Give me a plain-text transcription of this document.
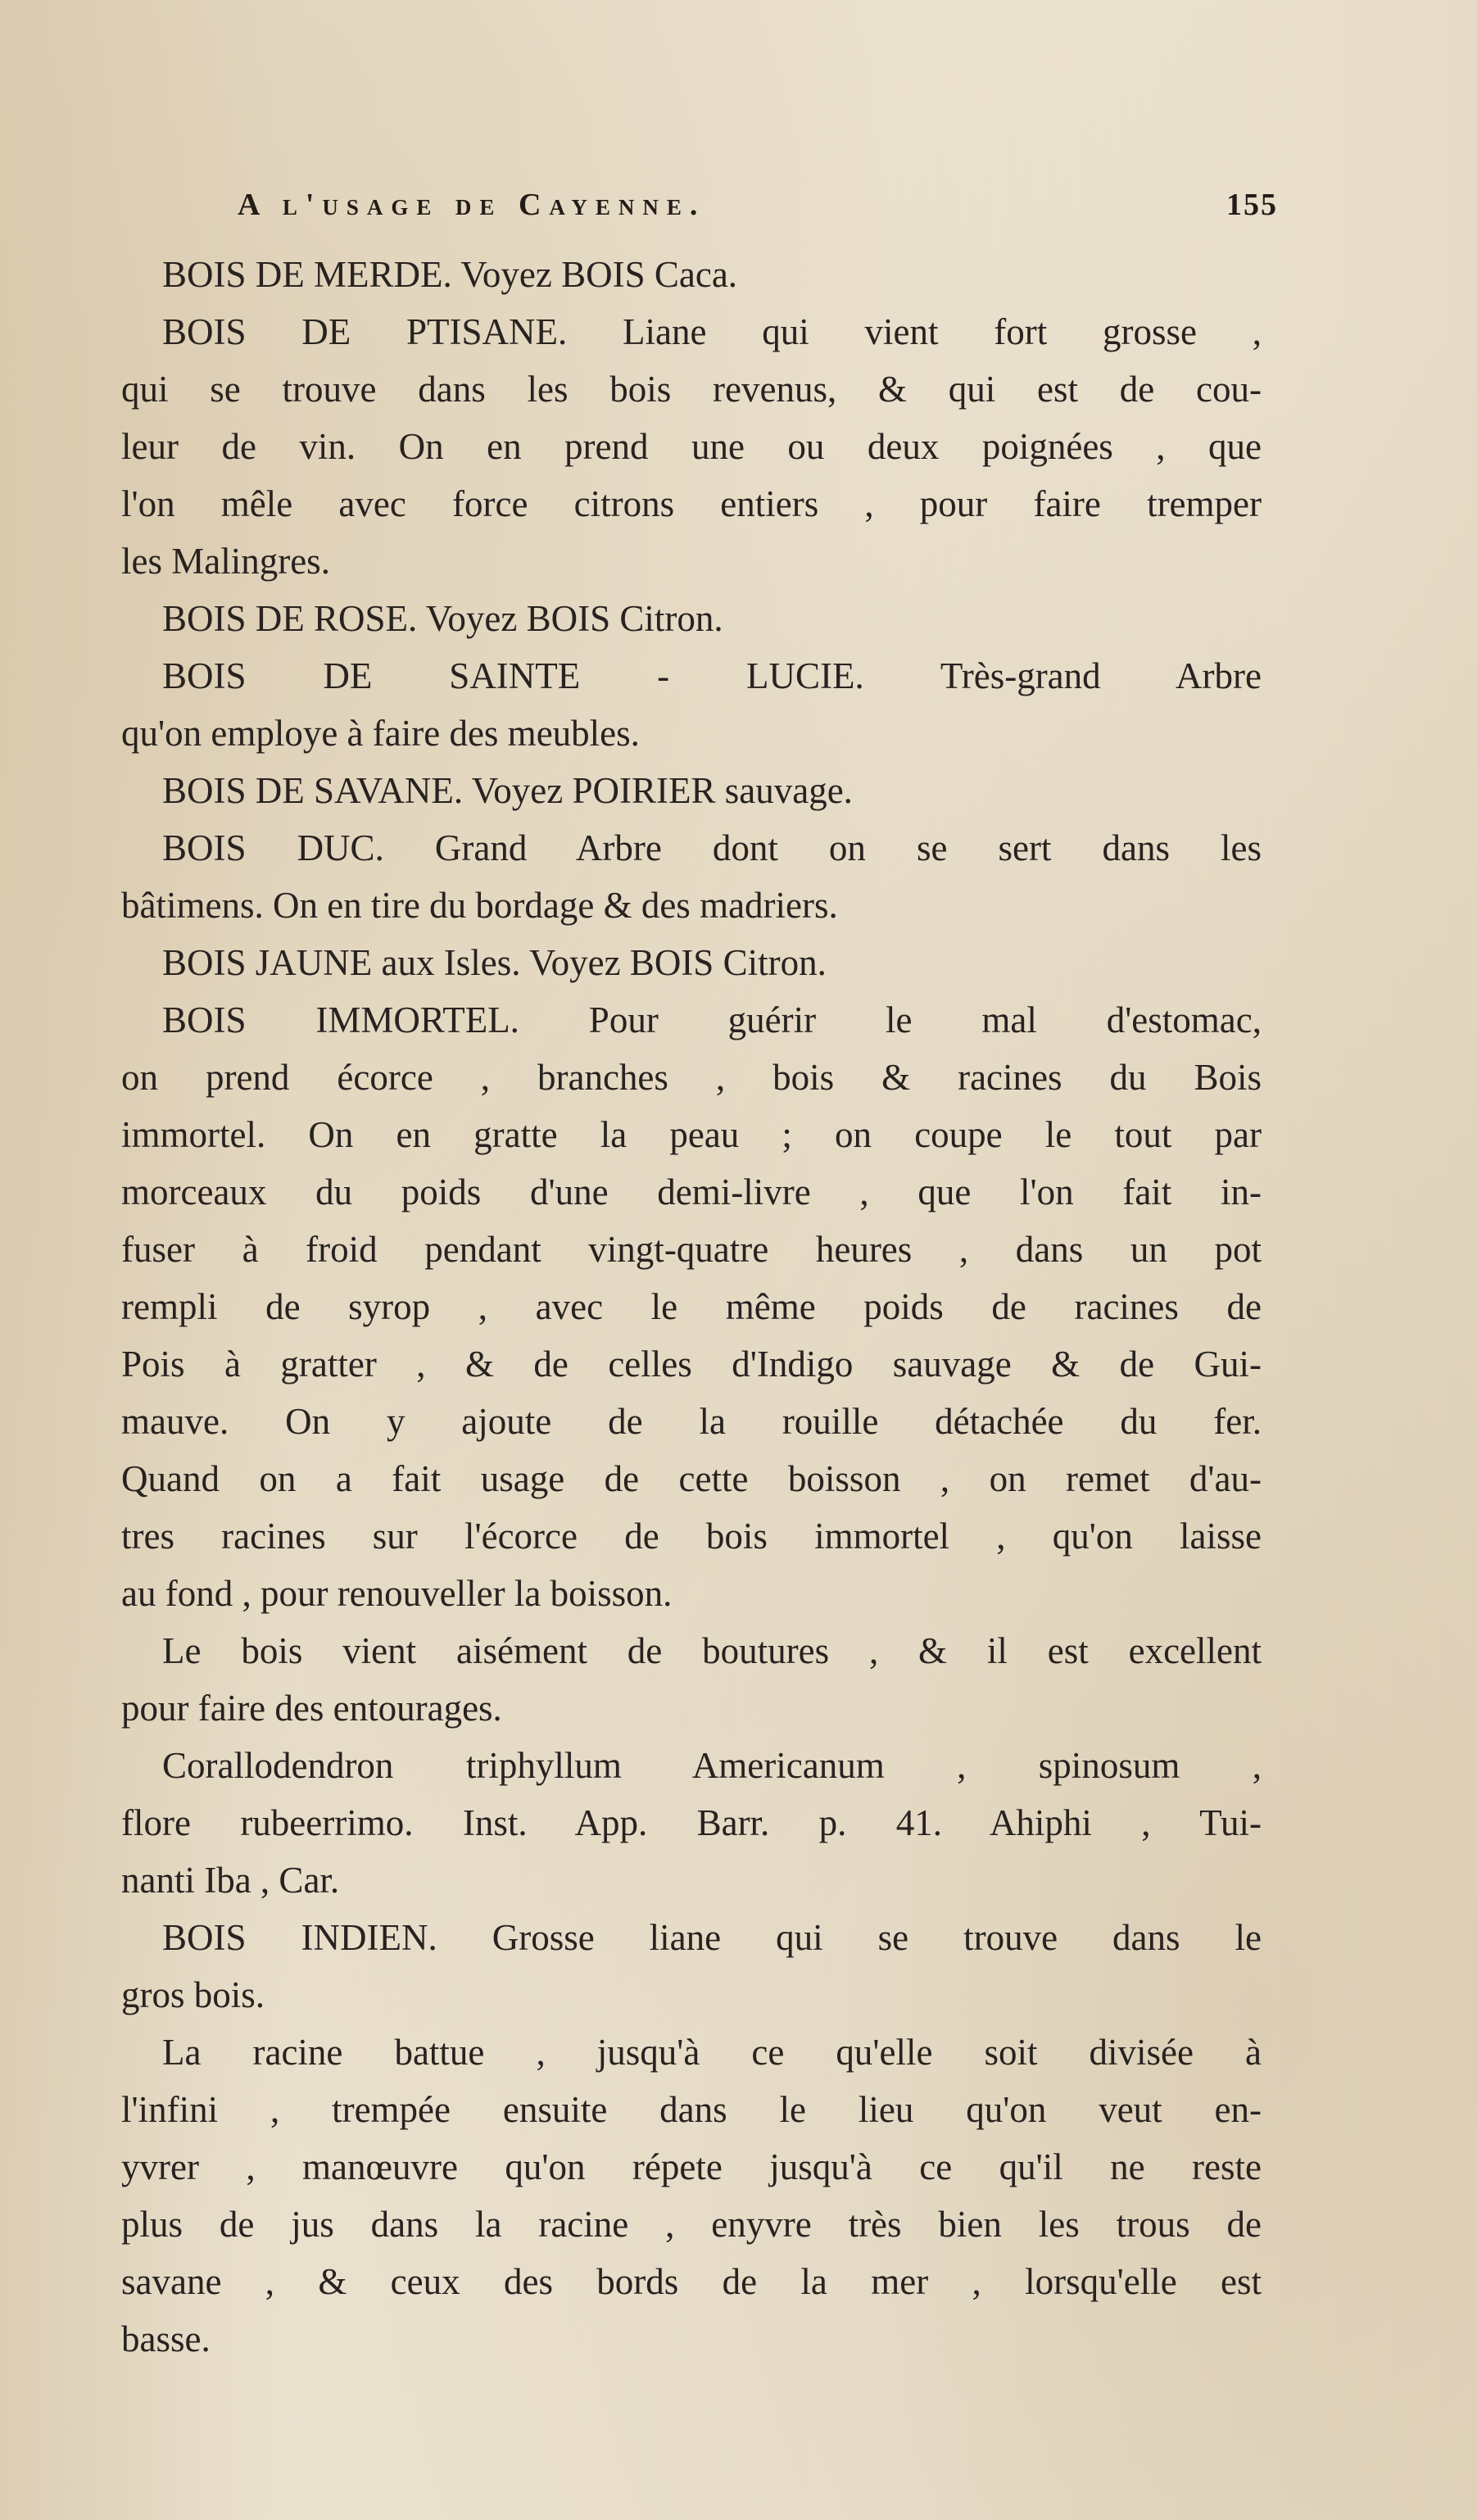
A l'usage de Cayenne.	155
BOIS DE MERDE. Voyez BOIS Caca.
BOIS DE PTISANE. Liane qui vient fort grosse ,
qui se trouve dans les bois revenus, & qui est de cou-
leur de vin. On en prend une ou deux poignées , que
l'on mêle avec force citrons entiers , pour faire tremper
les Malingres.
BOIS DE ROSE. Voyez BOIS Citron.
BOIS DE SAINTE - LUCIE. Très-grand Arbre
qu'on employe à faire des meubles.
BOIS DE SAVANE. Voyez POIRIER sauvage.
BOIS DUC. Grand Arbre dont on se sert dans les
bâtimens. On en tire du bordage & des madriers.
BOIS JAUNE aux Isles. Voyez BOIS Citron.
BOIS IMMORTEL. Pour guérir le mal d'estomac,
on prend écorce , branches , bois & racines du Bois
immortel. On en gratte la peau ; on coupe le tout par
morceaux du poids d'une demi-livre , que l'on fait in-
fuser à froid pendant vingt-quatre heures , dans un pot
rempli de syrop , avec le même poids de racines de
Pois à gratter , & de celles d'Indigo sauvage & de Gui-
mauve. On y ajoute de la rouille détachée du fer.
Quand on a fait usage de cette boisson , on remet d'au-
tres racines sur l'écorce de bois immortel , qu'on laisse
au fond , pour renouveller la boisson.
Le bois vient aisément de boutures , & il est excellent
pour faire des entourages.
Corallodendron triphyllum Americanum , spinosum ,
flore rubeerrimo. Inst. App. Barr. p. 41. Ahiphi , Tui-
nanti Iba , Car.
BOIS INDIEN. Grosse liane qui se trouve dans le
gros bois.
La racine battue , jusqu'à ce qu'elle soit divisée à
l'infini , trempée ensuite dans le lieu qu'on veut en-
yvrer , manœuvre qu'on répete jusqu'à ce qu'il ne reste
plus de jus dans la racine , enyvre très bien les trous de
savane , & ceux des bords de la mer , lorsqu'elle est
basse.
